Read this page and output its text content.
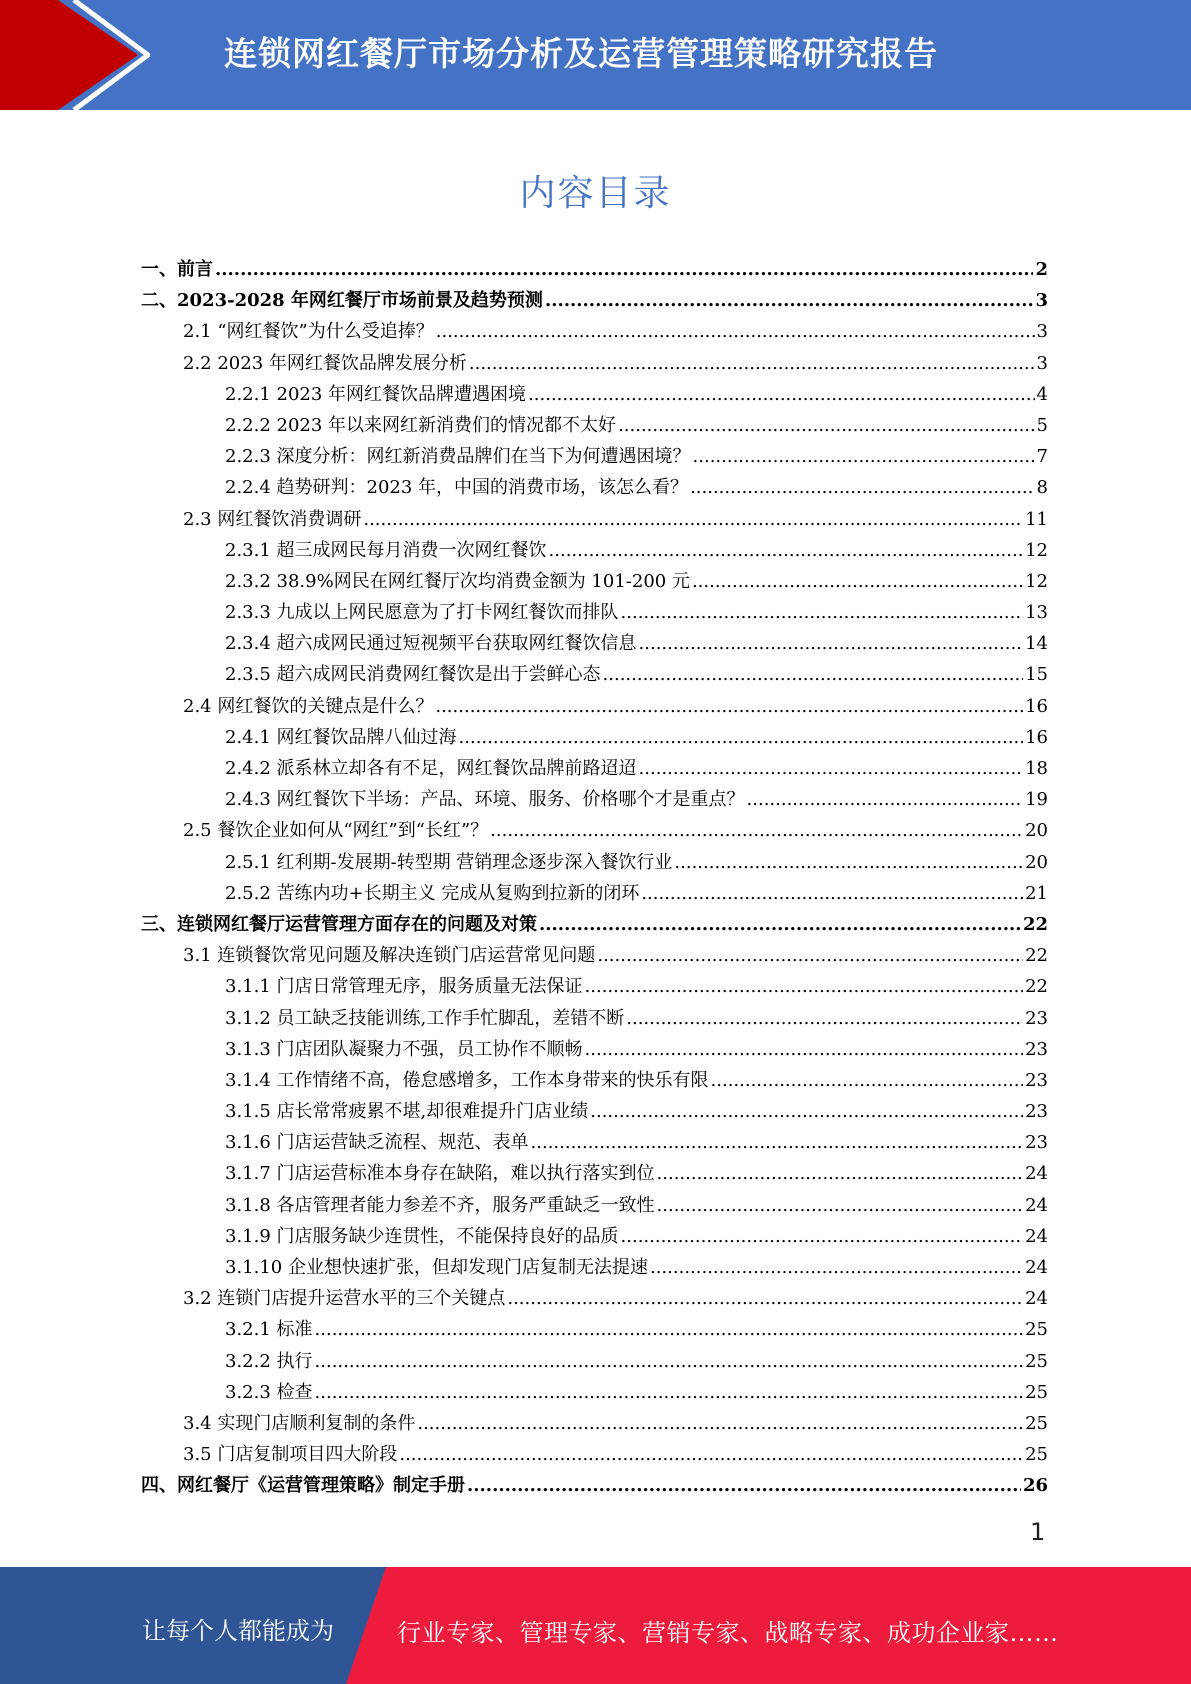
连锁网红餐厅市场分析及运营管理策略研究报告
内容目录
一、前言 .....	2
二、2023-2028 年网红餐厅市场前景及趋势预测 .....	3
2.1 “网红餐饮”为什么受追捧？ .....	3
2.2 2023 年网红餐饮品牌发展分析 .....	3
2.2.1 2023 年网红餐饮品牌遭遇困境 .....	4
2.2.2 2023 年以来网红新消费们的情况都不太好 .....	5
2.2.3 深度分析：网红新消费品牌们在当下为何遭遇困境？ .....	7
2.2.4 趋势研判：2023 年，中国的消费市场，该怎么看？ .....	8
2.3 网红餐饮消费调研 .....	11
2.3.1 超三成网民每月消费一次网红餐饮 .....	12
2.3.2 38.9%网民在网红餐厅次均消费金额为 101-200 元 .....	12
2.3.3 九成以上网民愿意为了打卡网红餐饮而排队 .....	13
2.3.4 超六成网民通过短视频平台获取网红餐饮信息 .....	14
2.3.5 超六成网民消费网红餐饮是出于尝鲜心态 .....	15
2.4 网红餐饮的关键点是什么？ .....	16
2.4.1 网红餐饮品牌八仙过海 .....	16
2.4.2 派系林立却各有不足，网红餐饮品牌前路迢迢 .....	18
2.4.3 网红餐饮下半场：产品、环境、服务、价格哪个才是重点？ .....	19
2.5 餐饮企业如何从“网红”到“长红”？ .....	20
2.5.1 红利期-发展期-转型期 营销理念逐步深入餐饮行业 .....	20
2.5.2 苦练内功+长期主义 完成从复购到拉新的闭环 .....	21
三、连锁网红餐厅运营管理方面存在的问题及对策 .....	22
3.1 连锁餐饮常见问题及解决连锁门店运营常见问题 .....	22
3.1.1 门店日常管理无序，服务质量无法保证 .....	22
3.1.2 员工缺乏技能训练,工作手忙脚乱，差错不断 .....	23
3.1.3 门店团队凝聚力不强，员工协作不顺畅 .....	23
3.1.4 工作情绪不高，倦怠感增多，工作本身带来的快乐有限 .....	23
3.1.5 店长常常疲累不堪,却很难提升门店业绩 .....	23
3.1.6 门店运营缺乏流程、规范、表单 .....	23
3.1.7 门店运营标准本身存在缺陷，难以执行落实到位 .....	24
3.1.8 各店管理者能力参差不齐，服务严重缺乏一致性 .....	24
3.1.9 门店服务缺少连贯性，不能保持良好的品质 .....	24
3.1.10 企业想快速扩张，但却发现门店复制无法提速 .....	24
3.2 连锁门店提升运营水平的三个关键点 .....	24
3.2.1 标准 .....	25
3.2.2 执行 .....	25
3.2.3 检查 .....	25
3.4 实现门店顺利复制的条件 .....	25
3.5 门店复制项目四大阶段 .....	25
四、网红餐厅《运营管理策略》制定手册 .....	26
1
让每个人都能成为	行业专家、管理专家、营销专家、战略专家、成功企业家……
